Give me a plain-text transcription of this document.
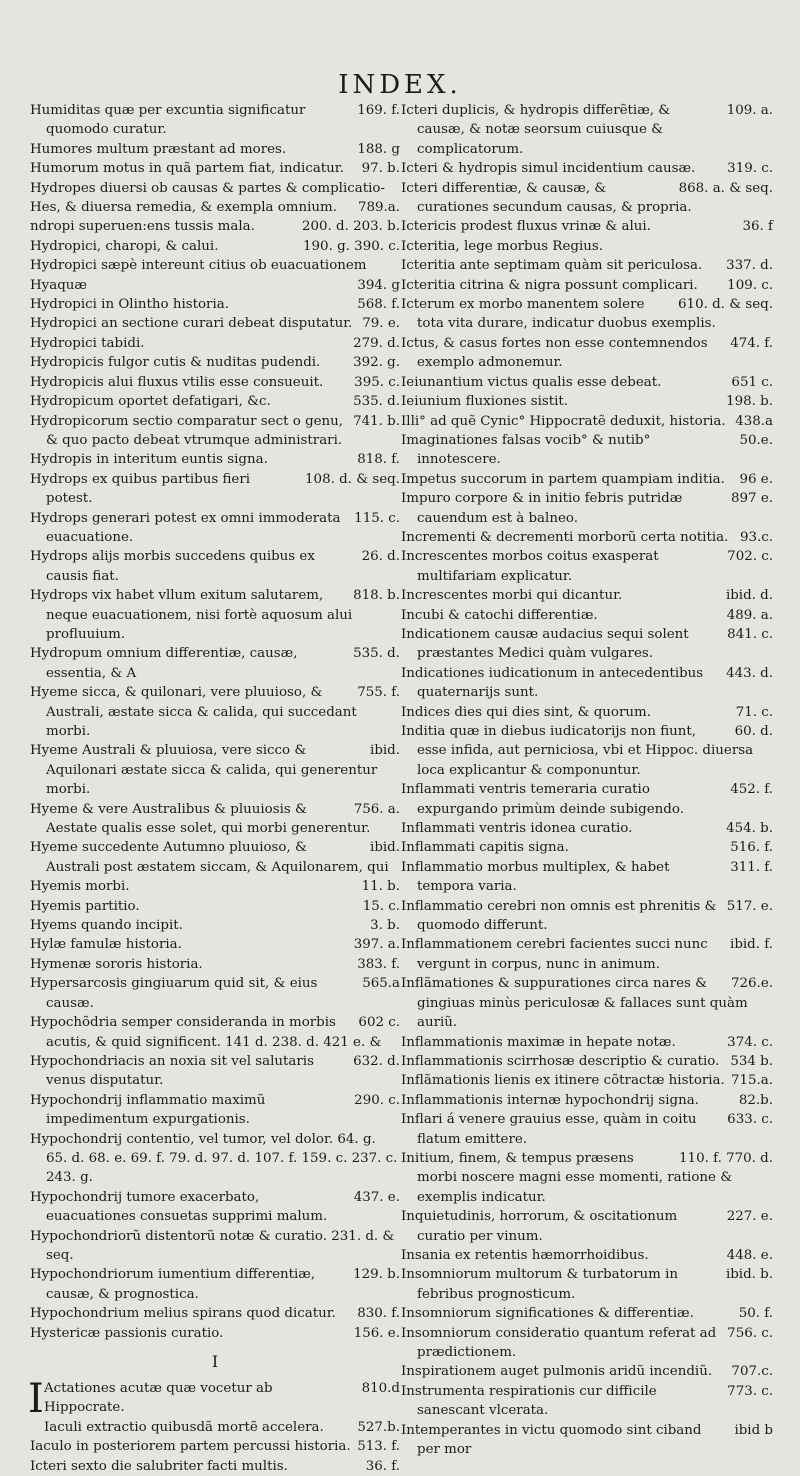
INDEX.

169. f.
Humiditas quæ per excuntia significatur quomodo curatur.

188. g
Humores multum præstant ad mores.

97. b.
Humorum motus in quã partem fiat, indicatur.

Hydropes diuersi ob causas & partes & complicatio-

789.a.
Hes, & diuersa remedia, & exempla omnium.

200. d. 203. b.
ndropi superuen:ens tussis mala.

190. g. 390. c.
Hydropici, charopi, & calui.

Hydropici sæpè intereunt citius ob euacuationem

394. g
Hyaquæ

568. f.
Hydropici in Olintho historia.

79. e.
Hydropici an sectione curari debeat disputatur.

279. d.
Hydropici tabidi.

392. g.
Hydropicis fulgor cutis & nuditas pudendi.

395. c.
Hydropicis alui fluxus vtilis esse consueuit.

535. d.
Hydropicum oportet defatigari, &c.

741. b.
Hydropicorum sectio comparatur sect o genu, & quo pacto debeat vtrumque administrari.

818. f.
Hydropis in interitum euntis signa.

108. d. & seq.
Hydrops ex quibus partibus fieri potest.

115. c.
Hydrops generari potest ex omni immoderata euacuatione.

26. d.
Hydrops alijs morbis succedens quibus ex causis fiat.

818. b.
Hydrops vix habet vllum exitum salutarem, neque euacuationem, nisi fortè aquosum alui profluuium.

535. d.
Hydropum omnium differentiæ, causæ, essentia, & A

755. f.
Hyeme sicca, & quilonari, vere pluuioso, & Australi, æstate sicca & calida, qui succedant morbi.

ibid.
Hyeme Australi & pluuiosa, vere sicco & Aquilonari æstate sicca & calida, qui generentur morbi.

756. a.
Hyeme & vere Australibus & pluuiosis & Aestate qualis esse solet, qui morbi generentur.

ibid.
Hyeme succedente Autumno pluuioso, & Australi post æstatem siccam, & Aquilonarem, qui

11. b.
Hyemis morbi.

15. c.
Hyemis partitio.

3. b.
Hyems quando incipit.

397. a.
Hylæ famulæ historia.

383. f.
Hymenæ sororis historia.

565.a
Hypersarcosis gingiuarum quid sit, & eius causæ.

602 c.
Hypochõdria semper consideranda in morbis acutis, & quid significent. 141 d. 238. d. 421 e. &

632. d.
Hypochondriacis an noxia sit vel salutaris venus disputatur.

290. c.
Hypochondrij inflammatio maximũ impedimentum expurgationis.

Hypochondrij contentio, vel tumor, vel dolor. 64. g. 65. d. 68. e. 69. f. 79. d. 97. d. 107. f. 159. c. 237. c. 243. g.

437. e.
Hypochondrij tumore exacerbato, euacuationes consuetas supprimi malum.

Hypochondriorũ distentorũ notæ & curatio. 231. d. & seq.

129. b.
Hypochondriorum iumentium differentiæ, causæ, & prognostica.

830. f.
Hypochondrium melius spirans quod dicatur.

156. e.
Hystericæ passionis curatio.

I
I	810.d
Actationes acutæ quæ vocetur ab Hippocrate.

527.b.
Iaculi extractio quibusdã mortẽ accelera.

513. f.
Iaculo in posteriorem partem percussi historia.

36. f.
Icteri sexto die salubriter facti multis.

109. a.
Icteri duplicis, & hydropis differẽtiæ, & causæ, & notæ seorsum cuiusque & complicatorum.

319. c.
Icteri & hydropis simul incidentium causæ.

868. a. & seq.
Icteri differentiæ, & causæ, & curationes secundum causas, & propria.

36. f
Ictericis prodest fluxus vrinæ & alui.

Icteritia, lege morbus Regius.

337. d.
Icteritia ante septimam quàm sit periculosa.

109. c.
Icteritia citrina & nigra possunt complicari.

610. d. & seq.
Icterum ex morbo manentem solere tota vita durare, indicatur duobus exemplis.

474. f.
Ictus, & casus fortes non esse contemnendos exemplo admonemur.

651 c.
Ieiunantium victus qualis esse debeat.

198. b.
Ieiunium fluxiones sistit.

438.a
Illi° ad quẽ Cynic° Hippocratẽ deduxit, historia.

50.e.
Imaginationes falsas vocib° & nutib° innotescere.

96 e.
Impetus succorum in partem quampiam inditia.

897 e.
Impuro corpore & in initio febris putridæ cauendum est à balneo.

93.c.
Incrementi & decrementi morborũ certa notitia.

702. c.
Increscentes morbos coitus exasperat multifariam explicatur.

ibid. d.
Increscentes morbi qui dicantur.

489. a.
Incubi & catochi differentiæ.

841. c.
Indicationem causæ audacius sequi solent præstantes Medici quàm vulgares.

443. d.
Indicationes iudicationum in antecedentibus quaternarijs sunt.

71. c.
Indices dies qui dies sint, & quorum.

60. d.
Inditia quæ in diebus iudicatorijs non fiunt, esse infida, aut perniciosa, vbi et Hippoc. diuersa loca explicantur & componuntur.

452. f.
Inflammati ventris temeraria curatio expurgando primùm deinde subigendo.

454. b.
Inflammati ventris idonea curatio.

516. f.
Inflammati capitis signa.

311. f.
Inflammatio morbus multiplex, & habet tempora varia.

517. e.
Inflammatio cerebri non omnis est phrenitis & quomodo differunt.

ibid. f.
Inflammationem cerebri facientes succi nunc vergunt in corpus, nunc in animum.

726.e.
Inflãmationes & suppurationes circa nares & gingiuas minùs periculosæ & fallaces sunt quàm auriũ.

374. c.
Inflammationis maximæ in hepate notæ.

534 b.
Inflammationis scirrhosæ descriptio & curatio.

715.a.
Inflãmationis lienis ex itinere cõtractæ historia.

82.b.
Inflammationis internæ hypochondrij signa.

633. c.
Inflari á venere grauius esse, quàm in coitu flatum emittere.

110. f. 770. d.
Initium, finem, & tempus præsens morbi noscere magni esse momenti, ratione & exemplis indicatur.

227. e.
Inquietudinis, horrorum, & oscitationum curatio per vinum.

448. e.
Insania ex retentis hæmorrhoidibus.

ibid. b.
Insomniorum multorum & turbatorum in febribus prognosticum.

50. f.
Insomniorum significationes & differentiæ.

756. c.
Insomniorum consideratio quantum referat ad prædictionem.

707.c.
Inspirationem auget pulmonis aridũ incendiũ.

773. c.
Instrumenta respirationis cur difficile sanescant vlcerata.

ibid b
Intemperantes in victu quomodo sint ciband per mor
